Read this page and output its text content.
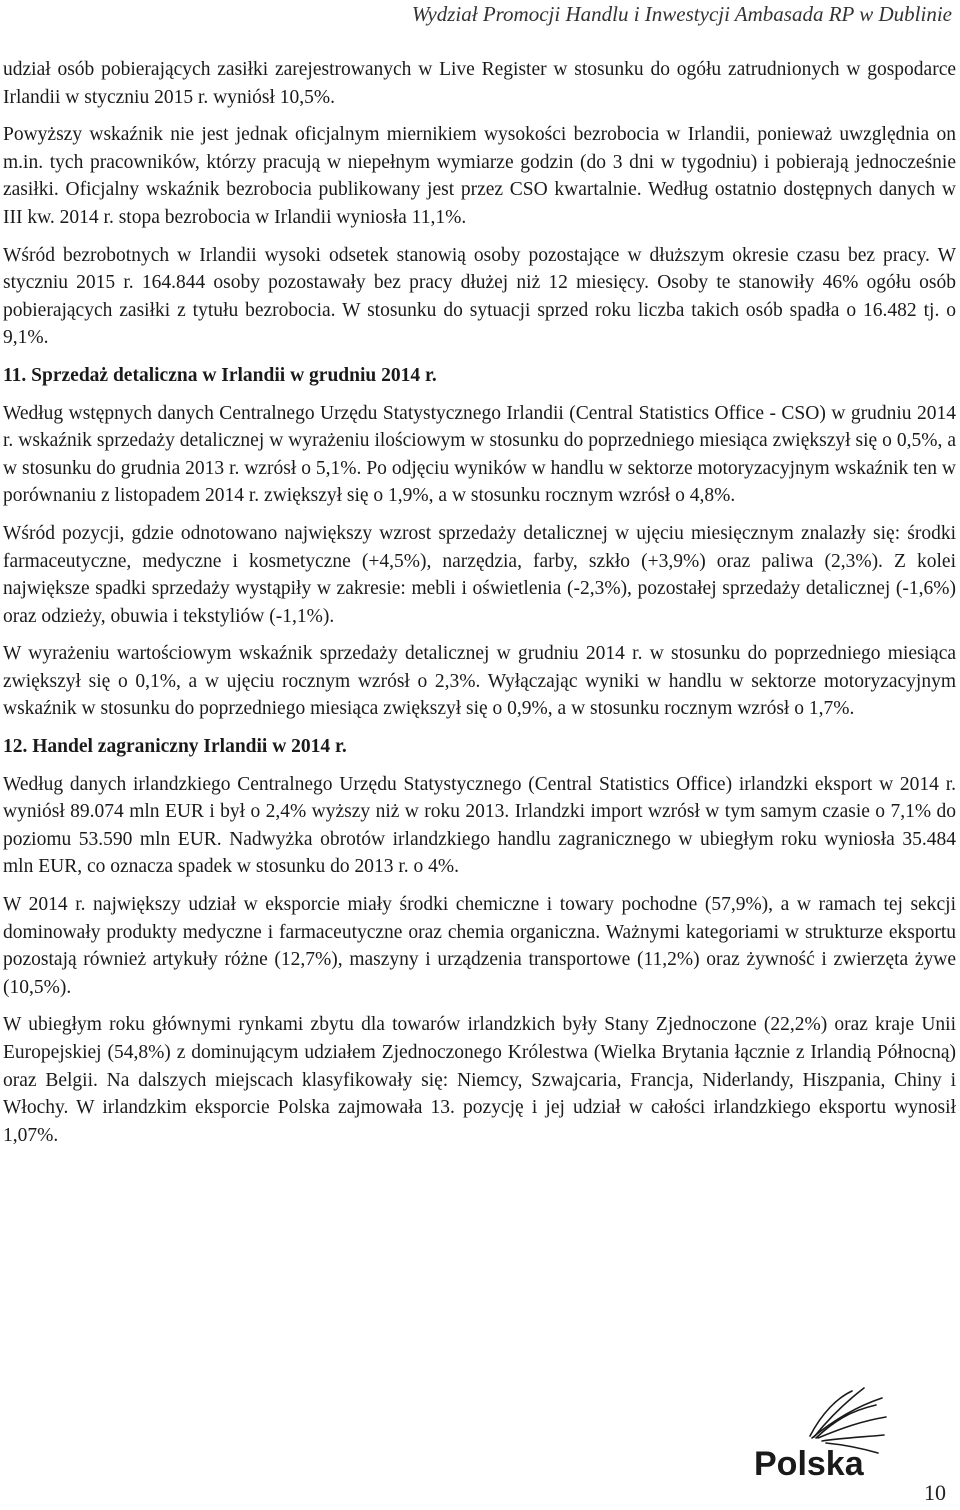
Wydział Promocji Handlu i Inwestycji Ambasada RP w Dublinie

udział osób pobierających zasiłki zarejestrowanych w Live Register w stosunku do ogółu zatrudnionych w gospodarce Irlandii w styczniu 2015 r. wyniósł 10,5%.

Powyższy wskaźnik nie jest jednak oficjalnym miernikiem wysokości bezrobocia w Irlandii, ponieważ uwzględnia on m.in. tych pracowników, którzy pracują w niepełnym wymiarze godzin (do 3 dni w tygodniu) i pobierają jednocześnie zasiłki. Oficjalny wskaźnik bezrobocia publikowany jest przez CSO kwartalnie. Według ostatnio dostępnych danych w III kw. 2014 r. stopa bezrobocia w Irlandii wyniosła 11,1%.

Wśród bezrobotnych w Irlandii wysoki odsetek stanowią osoby pozostające w dłuższym okresie czasu bez pracy. W styczniu 2015 r. 164.844 osoby pozostawały bez pracy dłużej niż 12 miesięcy. Osoby te stanowiły 46% ogółu osób pobierających zasiłki z tytułu bezrobocia. W stosunku do sytuacji sprzed roku liczba takich osób spadła o 16.482 tj. o 9,1%.

11. Sprzedaż detaliczna w Irlandii w grudniu 2014 r.

Według wstępnych danych Centralnego Urzędu Statystycznego Irlandii (Central Statistics Office - CSO) w grudniu 2014 r. wskaźnik sprzedaży detalicznej w wyrażeniu ilościowym w stosunku do poprzedniego miesiąca zwiększył się o 0,5%, a w stosunku do grudnia 2013 r. wzrósł o 5,1%. Po odjęciu wyników w handlu w sektorze motoryzacyjnym wskaźnik ten w porównaniu z listopadem 2014 r. zwiększył się o 1,9%, a w stosunku rocznym wzrósł o 4,8%.

Wśród pozycji, gdzie odnotowano największy wzrost sprzedaży detalicznej w ujęciu miesięcznym znalazły się: środki farmaceutyczne, medyczne i kosmetyczne (+4,5%), narzędzia, farby, szkło (+3,9%) oraz paliwa (2,3%). Z kolei największe spadki sprzedaży wystąpiły w zakresie: mebli i oświetlenia (-2,3%), pozostałej sprzedaży detalicznej (-1,6%) oraz odzieży, obuwia i tekstyliów (-1,1%).

W wyrażeniu wartościowym wskaźnik sprzedaży detalicznej w grudniu 2014 r. w stosunku do poprzedniego miesiąca zwiększył się o 0,1%, a w ujęciu rocznym wzrósł o 2,3%. Wyłączając wyniki w handlu w sektorze motoryzacyjnym wskaźnik w stosunku do poprzedniego miesiąca zwiększył się o 0,9%, a w stosunku rocznym wzrósł o 1,7%.

12. Handel zagraniczny Irlandii w 2014 r.

Według danych irlandzkiego Centralnego Urzędu Statystycznego (Central Statistics Office) irlandzki eksport w 2014 r. wyniósł 89.074 mln EUR i był o 2,4% wyższy niż w roku 2013. Irlandzki import wzrósł w tym samym czasie o 7,1% do poziomu 53.590 mln EUR. Nadwyżka obrotów irlandzkiego handlu zagranicznego w ubiegłym roku wyniosła 35.484 mln EUR, co oznacza spadek w stosunku do 2013 r. o 4%.

W 2014 r. największy udział w eksporcie miały środki chemiczne i towary pochodne (57,9%), a w ramach tej sekcji dominowały produkty medyczne i farmaceutyczne oraz chemia organiczna. Ważnymi kategoriami w strukturze eksportu pozostają również artykuły różne (12,7%), maszyny i urządzenia transportowe (11,2%) oraz żywność i zwierzęta żywe (10,5%).

W ubiegłym roku głównymi rynkami zbytu dla towarów irlandzkich były Stany Zjednoczone (22,2%) oraz kraje Unii Europejskiej (54,8%) z dominującym udziałem Zjednoczonego Królestwa (Wielka Brytania łącznie z Irlandią Północną) oraz Belgii. Na dalszych miejscach klasyfikowały się: Niemcy, Szwajcaria, Francja, Niderlandy, Hiszpania, Chiny i Włochy. W irlandzkim eksporcie Polska zajmowała 13. pozycję i jej udział w całości irlandzkiego eksportu wynosił 1,07%.

Polska
10
